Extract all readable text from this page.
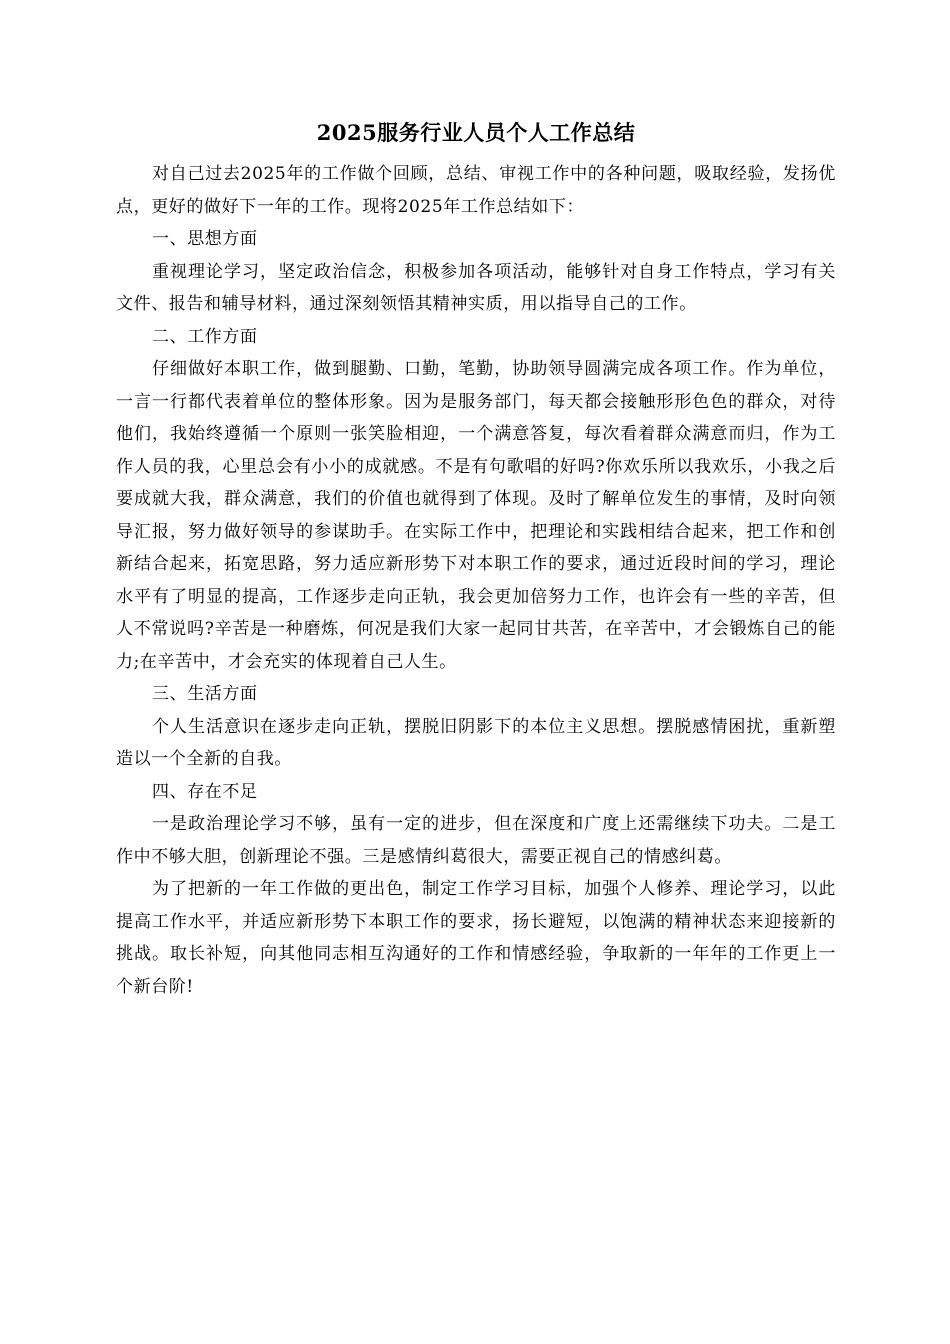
2025服务行业人员个人工作总结

对自己过去2025年的工作做个回顾，总结、审视工作中的各种问题，吸取经验，发扬优点，更好的做好下一年的工作。现将2025年工作总结如下：

一、思想方面

重视理论学习，坚定政治信念，积极参加各项活动，能够针对自身工作特点，学习有关文件、报告和辅导材料，通过深刻领悟其精神实质，用以指导自己的工作。

二、工作方面

仔细做好本职工作，做到腿勤、口勤，笔勤，协助领导圆满完成各项工作。作为单位，一言一行都代表着单位的整体形象。因为是服务部门，每天都会接触形形色色的群众，对待他们，我始终遵循一个原则一张笑脸相迎，一个满意答复，每次看着群众满意而归，作为工作人员的我，心里总会有小小的成就感。不是有句歌唱的好吗?你欢乐所以我欢乐，小我之后要成就大我，群众满意，我们的价值也就得到了体现。及时了解单位发生的事情，及时向领导汇报，努力做好领导的参谋助手。在实际工作中，把理论和实践相结合起来，把工作和创新结合起来，拓宽思路，努力适应新形势下对本职工作的要求，通过近段时间的学习，理论水平有了明显的提高，工作逐步走向正轨，我会更加倍努力工作，也许会有一些的辛苦，但人不常说吗?辛苦是一种磨炼，何况是我们大家一起同甘共苦，在辛苦中，才会锻炼自己的能力;在辛苦中，才会充实的体现着自己人生。

三、生活方面

个人生活意识在逐步走向正轨，摆脱旧阴影下的本位主义思想。摆脱感情困扰，重新塑造以一个全新的自我。

四、存在不足

一是政治理论学习不够，虽有一定的进步，但在深度和广度上还需继续下功夫。二是工作中不够大胆，创新理论不强。三是感情纠葛很大，需要正视自己的情感纠葛。

为了把新的一年工作做的更出色，制定工作学习目标，加强个人修养、理论学习，以此提高工作水平，并适应新形势下本职工作的要求，扬长避短，以饱满的精神状态来迎接新的挑战。取长补短，向其他同志相互沟通好的工作和情感经验，争取新的一年年的工作更上一个新台阶!
